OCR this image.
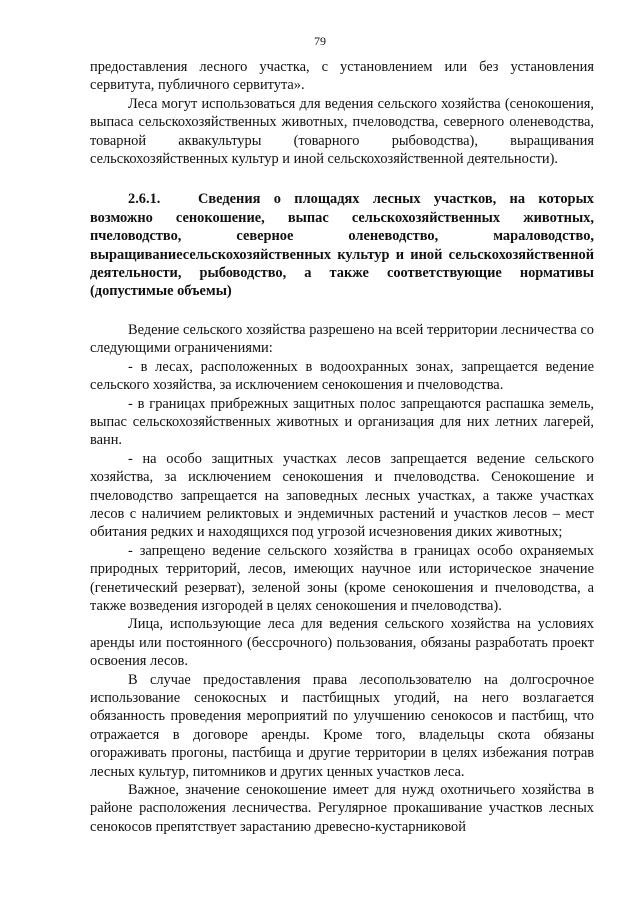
79

предоставления лесного участка, с установлением или без установления сервитута, публичного сервитута».

Леса могут использоваться для ведения сельского хозяйства (сенокошения, выпаса сельскохозяйственных животных, пчеловодства, северного оленеводства, товарной аквакультуры (товарного рыбоводства), выращивания сельскохозяйственных культур и иной сельскохозяйственной деятельности).

2.6.1.	Сведения о площадях лесных участков, на которых возможно сенокошение, выпас сельскохозяйственных животных, пчеловодство, северное оленеводство, мараловодство, выращиваниесельскохозяйственных культур и иной сельскохозяйственной деятельности, рыбоводство, а также соответствующие нормативы (допустимые объемы)

Ведение сельского хозяйства разрешено на всей территории лесничества со следующими ограничениями:

- в лесах, расположенных в водоохранных зонах, запрещается ведение сельского хозяйства, за исключением сенокошения и пчеловодства.

- в границах прибрежных защитных полос запрещаются распашка земель, выпас сельскохозяйственных животных и организация для них летних лагерей, ванн.

- на особо защитных участках лесов запрещается ведение сельского хозяйства, за исключением сенокошения и пчеловодства. Сенокошение и пчеловодство запрещается на заповедных лесных участках, а также участках лесов с наличием реликтовых и эндемичных растений и участков лесов – мест обитания редких и находящихся под угрозой исчезновения диких животных;

- запрещено ведение сельского хозяйства в границах особо охраняемых природных территорий, лесов, имеющих научное или историческое значение (генетический резерват), зеленой зоны (кроме сенокошения и пчеловодства, а также возведения изгородей в целях сенокошения и пчеловодства).

Лица, использующие леса для ведения сельского хозяйства на условиях аренды или постоянного (бессрочного) пользования, обязаны разработать проект освоения лесов.

В случае предоставления права лесопользователю на долгосрочное использование сенокосных и пастбищных угодий, на него возлагается обязанность проведения мероприятий по улучшению сенокосов и пастбищ, что отражается в договоре аренды. Кроме того, владельцы скота обязаны огораживать прогоны, пастбища и другие территории в целях избежания потрав лесных культур, питомников и других ценных участков леса.

Важное, значение сенокошение имеет для нужд охотничьего хозяйства в районе расположения лесничества. Регулярное прокашивание участков лесных сенокосов препятствует зарастанию древесно-кустарниковой
